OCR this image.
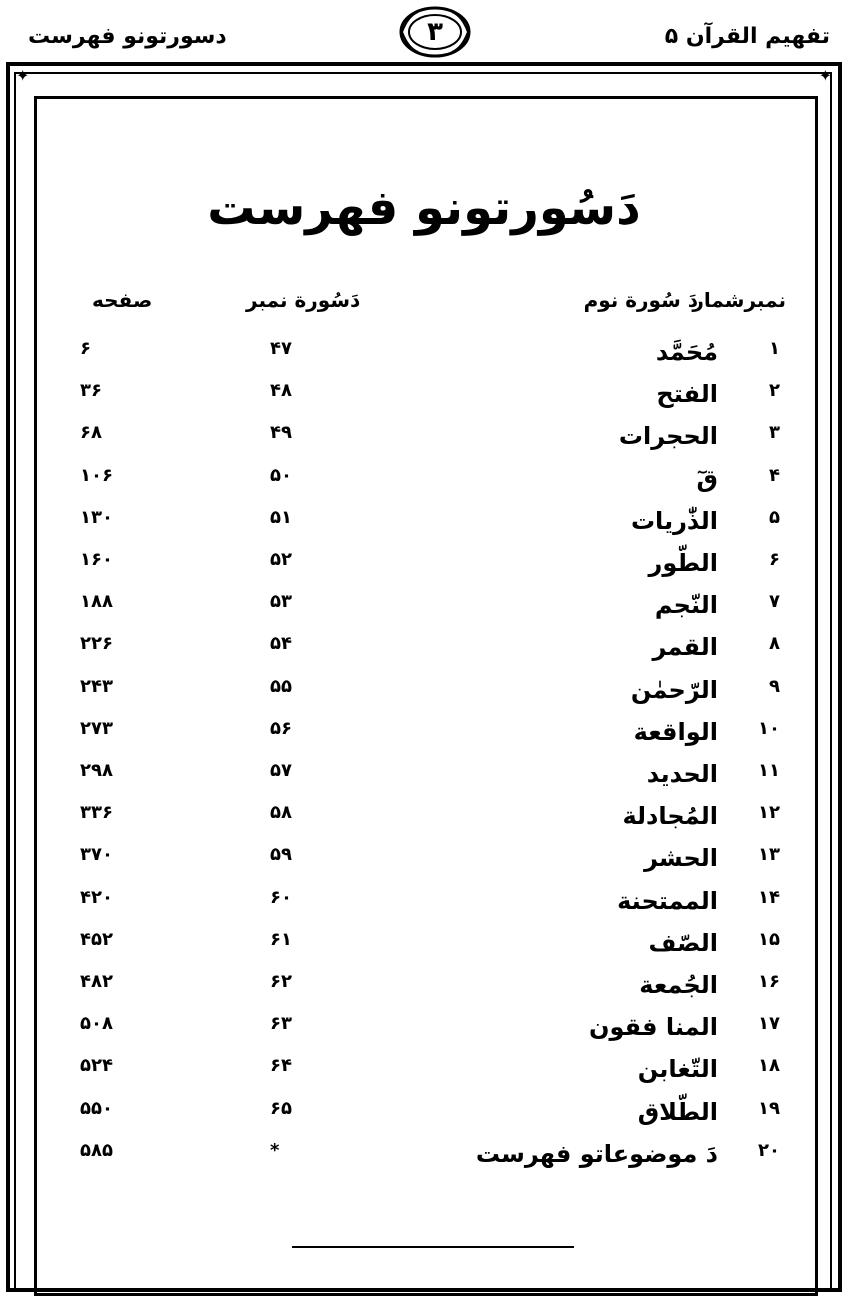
تفهیم القرآن ۵
۳
دسورتونو فهرست
✦	✦
دَسُورتونو فهرست
نمبرشمار
دَ سُورة نوم
دَسُورة نمبر
صفحه
۱
مُحَمَّد
۴۷
۶
۲
الفتح
۴۸
۳۶
۳
الحجرات
۴۹
۶۸
۴
قٓ
۵۰
۱۰۶
۵
الذّٰریات
۵۱
۱۳۰
۶
الطّور
۵۲
۱۶۰
۷
النّجم
۵۳
۱۸۸
۸
القمر
۵۴
۲۲۶
۹
الرّحمٰن
۵۵
۲۴۳
۱۰
الواقعة
۵۶
۲۷۳
۱۱
الحدید
۵۷
۲۹۸
۱۲
المُجادلة
۵۸
۳۳۶
۱۳
الحشر
۵۹
۳۷۰
۱۴
الممتحنة
۶۰
۴۲۰
۱۵
الصّف
۶۱
۴۵۲
۱۶
الجُمعة
۶۲
۴۸۲
۱۷
المنا فقون
۶۳
۵۰۸
۱۸
التّغابن
۶۴
۵۲۴
۱۹
الطّلاق
۶۵
۵۵۰
۲۰
دَ موضوعاتو فهرست
*
۵۸۵
